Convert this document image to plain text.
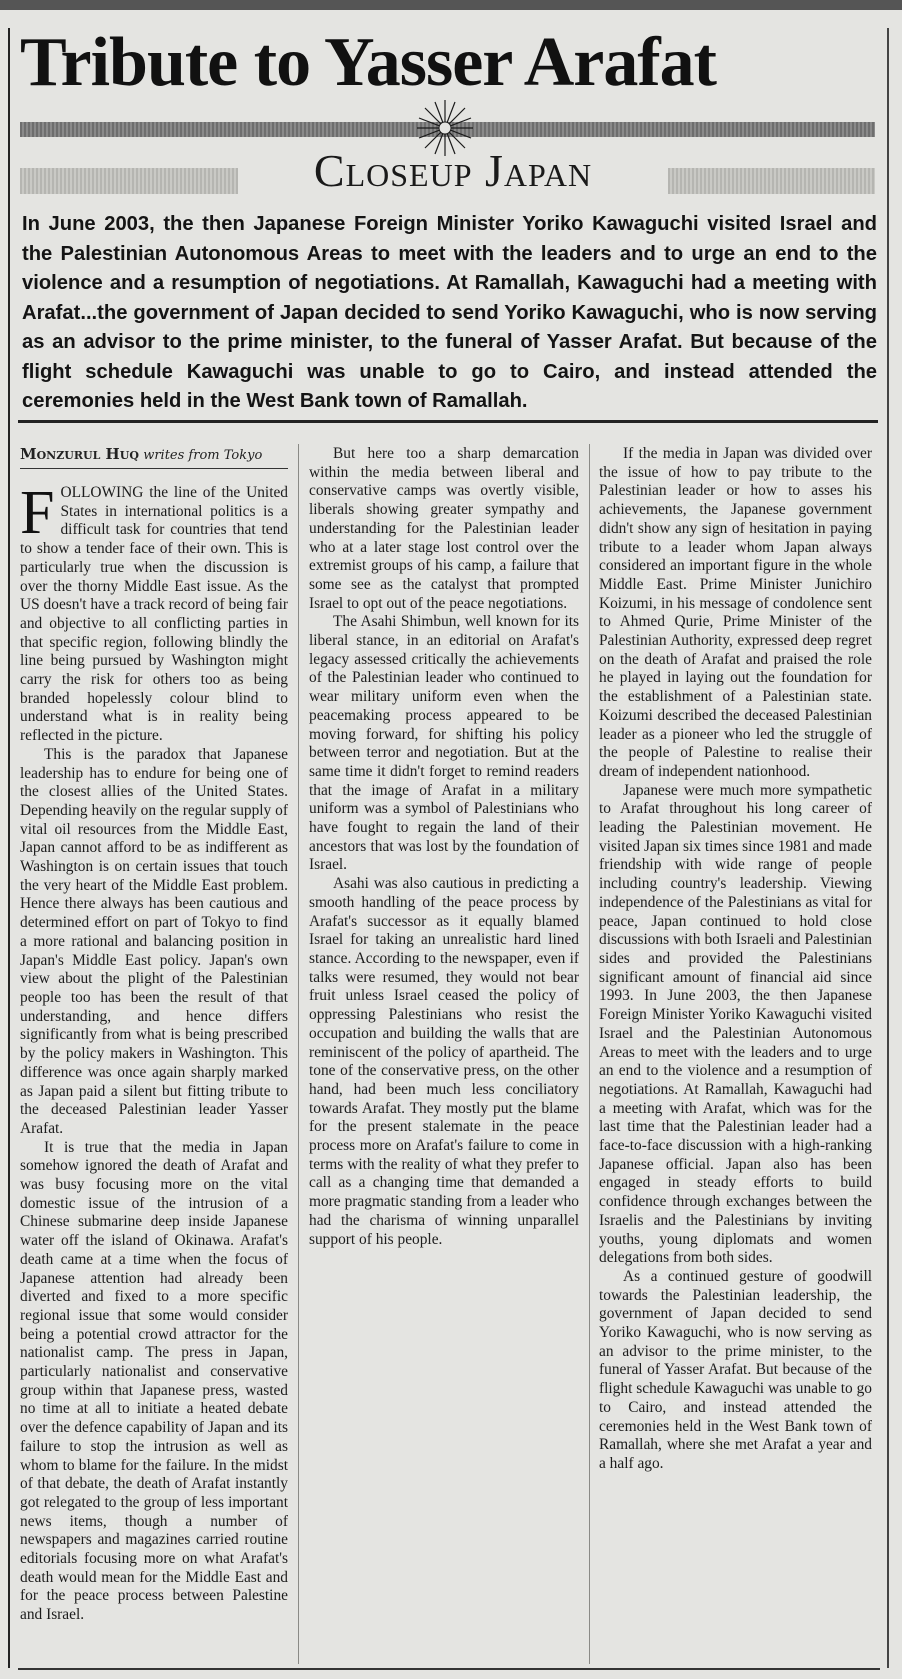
Tribute to Yasser Arafat
Closeup Japan
In June 2003, the then Japanese Foreign Minister Yoriko Kawaguchi visited Israel and the Palestinian Autonomous Areas to meet with the leaders and to urge an end to the violence and a resumption of negotiations. At Ramallah, Kawaguchi had a meeting with Arafat...the government of Japan decided to send Yoriko Kawaguchi, who is now serving as an advisor to the prime minister, to the funeral of Yasser Arafat. But because of the flight schedule Kawaguchi was unable to go to Cairo, and instead attended the ceremonies held in the West Bank town of Ramallah.
Monzurul Huq writes from Tokyo

FOLLOWING the line of the United States in international politics is a difficult task for countries that tend to show a tender face of their own. This is particularly true when the discussion is over the thorny Middle East issue. As the US doesn't have a track record of being fair and objective to all conflicting parties in that specific region, following blindly the line being pursued by Washington might carry the risk for others too as being branded hopelessly colour blind to understand what is in reality being reflected in the picture.

This is the paradox that Japanese leadership has to endure for being one of the closest allies of the United States. Depending heavily on the regular supply of vital oil resources from the Middle East, Japan cannot afford to be as indifferent as Washington is on certain issues that touch the very heart of the Middle East problem. Hence there always has been cautious and determined effort on part of Tokyo to find a more rational and balancing position in Japan's Middle East policy. Japan's own view about the plight of the Palestinian people too has been the result of that understanding, and hence differs significantly from what is being prescribed by the policy makers in Washington. This difference was once again sharply marked as Japan paid a silent but fitting tribute to the deceased Palestinian leader Yasser Arafat.

It is true that the media in Japan somehow ignored the death of Arafat and was busy focusing more on the vital domestic issue of the intrusion of a Chinese submarine deep inside Japanese water off the island of Okinawa. Arafat's death came at a time when the focus of Japanese attention had already been diverted and fixed to a more specific regional issue that some would consider being a potential crowd attractor for the nationalist camp. The press in Japan, particularly nationalist and conservative group within that Japanese press, wasted no time at all to initiate a heated debate over the defence capability of Japan and its failure to stop the intrusion as well as whom to blame for the failure. In the midst of that debate, the death of Arafat instantly got relegated to the group of less important news items, though a number of newspapers and magazines carried routine editorials focusing more on what Arafat's death would mean for the Middle East and for the peace process between Palestine and Israel.

But here too a sharp demarcation within the media between liberal and conservative camps was overtly visible, liberals showing greater sympathy and understanding for the Palestinian leader who at a later stage lost control over the extremist groups of his camp, a failure that some see as the catalyst that prompted Israel to opt out of the peace negotiations.

The Asahi Shimbun, well known for its liberal stance, in an editorial on Arafat's legacy assessed critically the achievements of the Palestinian leader who continued to wear military uniform even when the peacemaking process appeared to be moving forward, for shifting his policy between terror and negotiation. But at the same time it didn't forget to remind readers that the image of Arafat in a military uniform was a symbol of Palestinians who have fought to regain the land of their ancestors that was lost by the foundation of Israel.

Asahi was also cautious in predicting a smooth handling of the peace process by Arafat's successor as it equally blamed Israel for taking an unrealistic hard lined stance. According to the newspaper, even if talks were resumed, they would not bear fruit unless Israel ceased the policy of oppressing Palestinians who resist the occupation and building the walls that are reminiscent of the policy of apartheid. The tone of the conservative press, on the other hand, had been much less conciliatory towards Arafat. They mostly put the blame for the present stalemate in the peace process more on Arafat's failure to come in terms with the reality of what they prefer to call as a changing time that demanded a more pragmatic standing from a leader who had the charisma of winning unparallel support of his people.

If the media in Japan was divided over the issue of how to pay tribute to the Palestinian leader or how to asses his achievements, the Japanese government didn't show any sign of hesitation in paying tribute to a leader whom Japan always considered an important figure in the whole Middle East. Prime Minister Junichiro Koizumi, in his message of condolence sent to Ahmed Qurie, Prime Minister of the Palestinian Authority, expressed deep regret on the death of Arafat and praised the role he played in laying out the foundation for the establishment of a Palestinian state. Koizumi described the deceased Palestinian leader as a pioneer who led the struggle of the people of Palestine to realise their dream of independent nationhood.

Japanese were much more sympathetic to Arafat throughout his long career of leading the Palestinian movement. He visited Japan six times since 1981 and made friendship with wide range of people including country's leadership. Viewing independence of the Palestinians as vital for peace, Japan continued to hold close discussions with both Israeli and Palestinian sides and provided the Palestinians significant amount of financial aid since 1993. In June 2003, the then Japanese Foreign Minister Yoriko Kawaguchi visited Israel and the Palestinian Autonomous Areas to meet with the leaders and to urge an end to the violence and a resumption of negotiations. At Ramallah, Kawaguchi had a meeting with Arafat, which was for the last time that the Palestinian leader had a face-to-face discussion with a high-ranking Japanese official. Japan also has been engaged in steady efforts to build confidence through exchanges between the Israelis and the Palestinians by inviting youths, young diplomats and women delegations from both sides.

As a continued gesture of goodwill towards the Palestinian leadership, the government of Japan decided to send Yoriko Kawaguchi, who is now serving as an advisor to the prime minister, to the funeral of Yasser Arafat. But because of the flight schedule Kawaguchi was unable to go to Cairo, and instead attended the ceremonies held in the West Bank town of Ramallah, where she met Arafat a year and a half ago.
